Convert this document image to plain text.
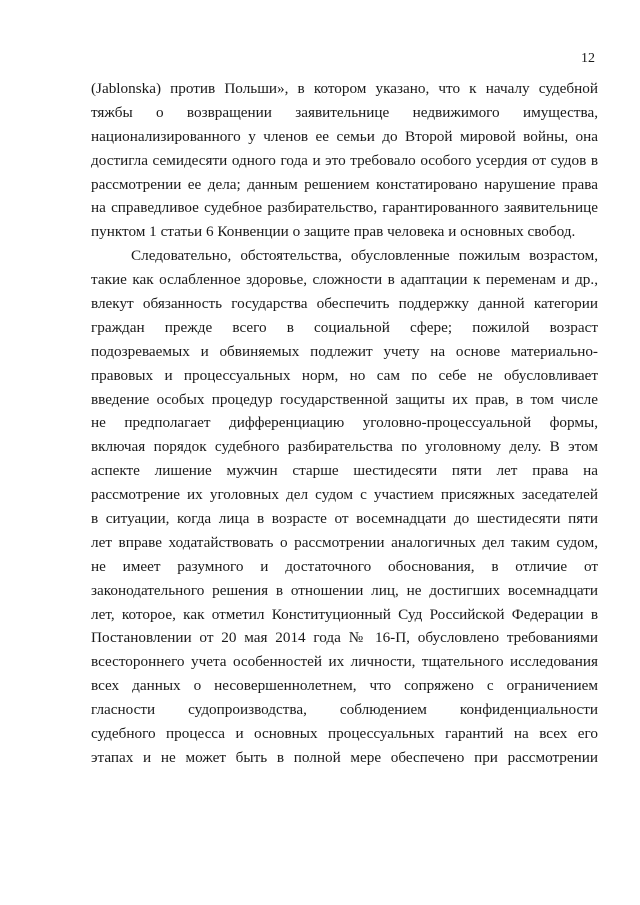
12
(Jablonska) против Польши», в котором указано, что к началу судебной
тяжбы о возвращении заявительнице недвижимого имущества,
национализированного у членов ее семьи до Второй мировой войны, она
достигла семидесяти одного года и это требовало особого усердия от судов в
рассмотрении ее дела; данным решением констатировано нарушение права
на справедливое судебное разбирательство, гарантированного заявительнице
пунктом 1 статьи 6 Конвенции о защите прав человека и основных свобод.
Следовательно, обстоятельства, обусловленные пожилым возрастом,
такие как ослабленное здоровье, сложности в адаптации к переменам и др.,
влекут обязанность государства обеспечить поддержку данной категории
граждан прежде всего в социальной сфере; пожилой возраст
подозреваемых и обвиняемых подлежит учету на основе материально-
правовых и процессуальных норм, но сам по себе не обусловливает
введение особых процедур государственной защиты их прав, в том числе
не предполагает дифференциацию уголовно-процессуальной формы,
включая порядок судебного разбирательства по уголовному делу. В этом
аспекте лишение мужчин старше шестидесяти пяти лет права на
рассмотрение их уголовных дел судом с участием присяжных заседателей
в ситуации, когда лица в возрасте от восемнадцати до шестидесяти пяти
лет вправе ходатайствовать о рассмотрении аналогичных дел таким судом,
не имеет разумного и достаточного обоснования, в отличие от
законодательного решения в отношении лиц, не достигших восемнадцати
лет, которое, как отметил Конституционный Суд Российской Федерации в
Постановлении от 20 мая 2014 года № 16-П, обусловлено требованиями
всестороннего учета особенностей их личности, тщательного исследования
всех данных о несовершеннолетнем, что сопряжено с ограничением
гласности судопроизводства, соблюдением конфиденциальности
судебного процесса и основных процессуальных гарантий на всех его
этапах и не может быть в полной мере обеспечено при рассмотрении
